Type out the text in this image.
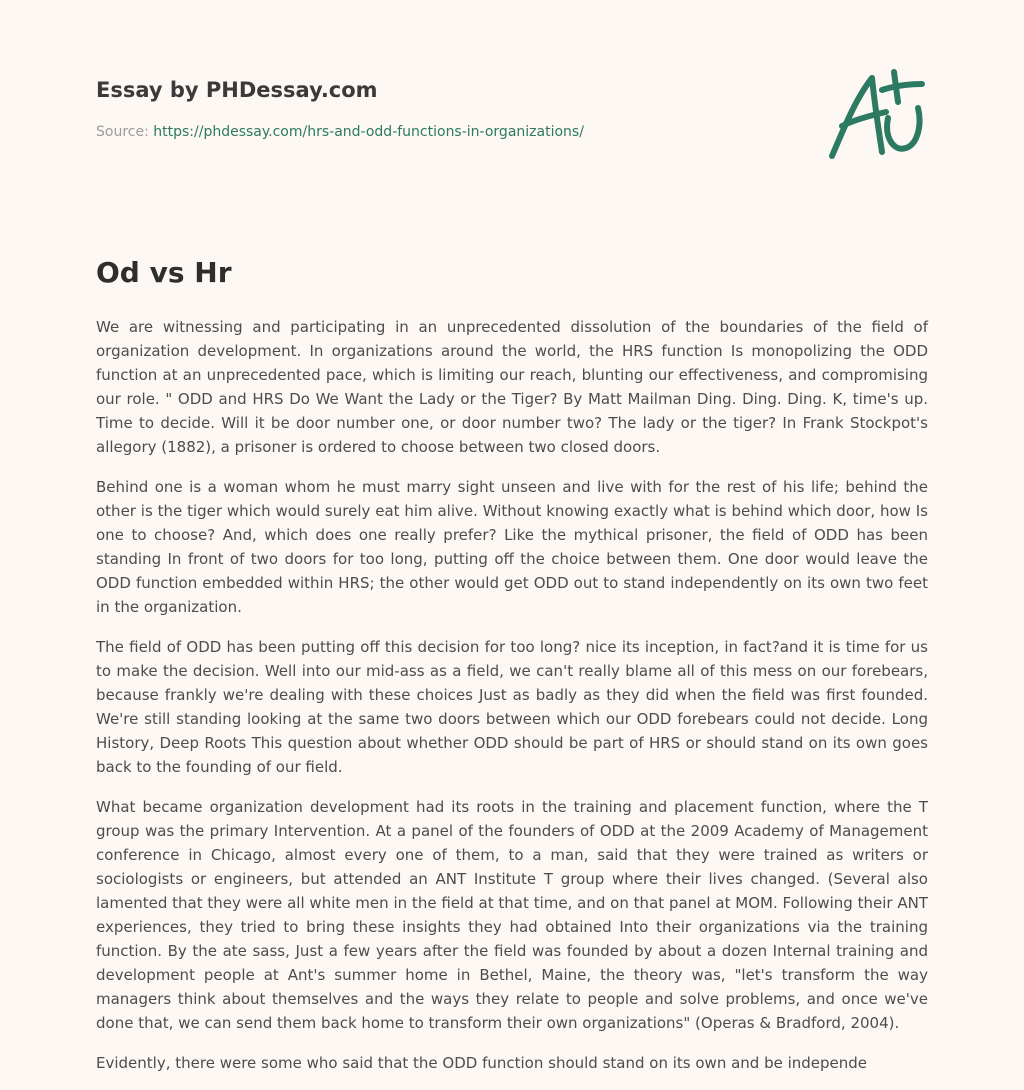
Essay by PHDessay.com
Source: https://phdessay.com/hrs-and-odd-functions-in-organizations/
Od vs Hr

We are witnessing and participating in an unprecedented dissolution of the boundaries of the field of organization development. In organizations around the world, the HRS function Is monopolizing the ODD function at an unprecedented pace, which is limiting our reach, blunting our effectiveness, and compromising our role. " ODD and HRS Do We Want the Lady or the Tiger? By Matt Mailman Ding. Ding. Ding. K, time's up. Time to decide. Will it be door number one, or door number two? The lady or the tiger? In Frank Stockpot's allegory (1882), a prisoner is ordered to choose between two closed doors.

Behind one is a woman whom he must marry sight unseen and live with for the rest of his life; behind the other is the tiger which would surely eat him alive. Without knowing exactly what is behind which door, how Is one to choose? And, which does one really prefer? Like the mythical prisoner, the field of ODD has been standing In front of two doors for too long, putting off the choice between them. One door would leave the ODD function embedded within HRS; the other would get ODD out to stand independently on its own two feet in the organization.

The field of ODD has been putting off this decision for too long? nice its inception, in fact?and it is time for us to make the decision. Well into our mid-ass as a field, we can't really blame all of this mess on our forebears, because frankly we're dealing with these choices Just as badly as they did when the field was first founded. We're still standing looking at the same two doors between which our ODD forebears could not decide. Long History, Deep Roots This question about whether ODD should be part of HRS or should stand on its own goes back to the founding of our field.

What became organization development had its roots in the training and placement function, where the T group was the primary Intervention. At a panel of the founders of ODD at the 2009 Academy of Management conference in Chicago, almost every one of them, to a man, said that they were trained as writers or sociologists or engineers, but attended an ANT Institute T group where their lives changed. (Several also lamented that they were all white men in the field at that time, and on that panel at MOM. Following their ANT experiences, they tried to bring these insights they had obtained Into their organizations via the training function. By the ate sass, Just a few years after the field was founded by about a dozen Internal training and development people at Ant's summer home in Bethel, Maine, the theory was, "let's transform the way managers think about themselves and the ways they relate to people and solve problems, and once we've done that, we can send them back home to transform their own organizations" (Operas & Bradford, 2004).

Evidently, there were some who said that the ODD function should stand on its own and be independe
